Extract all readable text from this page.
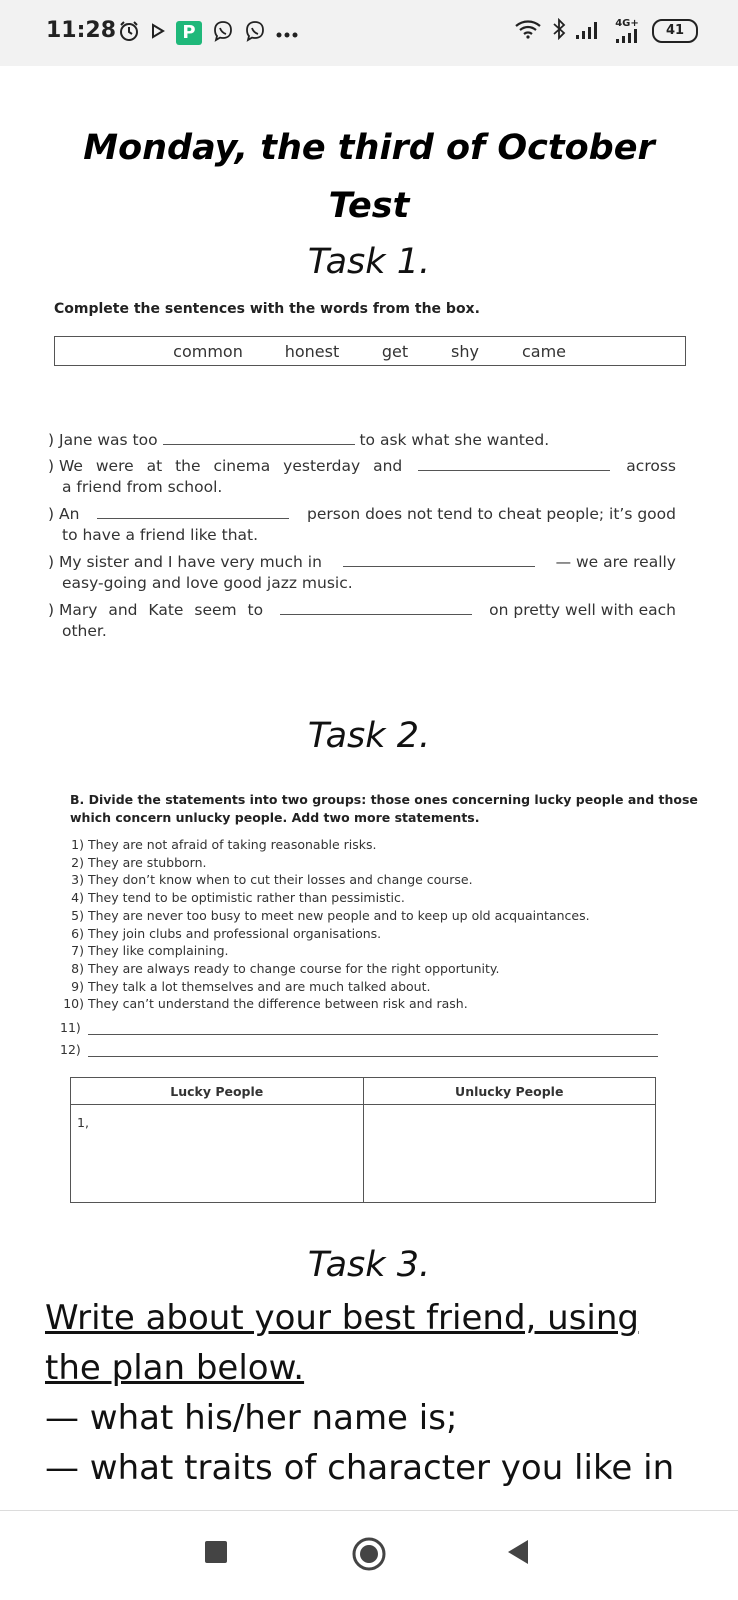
11:28	P	4G+	41
Monday, the third of October
Test
Task 1.
Complete the sentences with the words from the box.
common	honest	get	shy	came
) Jane was too	to ask what she wanted.
) We were at the cinema yesterday and	across
a friend from school.
) An	person does not tend to cheat people; it’s good
to have a friend like that.
) My sister and I have very much in	— we are really
easy-going and love good jazz music.
) Mary and Kate seem to	on pretty well with each
other.
Task 2.
B. Divide the statements into two groups: those ones concerning lucky people and those
which concern unlucky people. Add two more statements.
1) They are not afraid of taking reasonable risks.
2) They are stubborn.
3) They don’t know when to cut their losses and change course.
4) They tend to be optimistic rather than pessimistic.
5) They are never too busy to meet new people and to keep up old acquaintances.
6) They join clubs and professional organisations.
7) They like complaining.
8) They are always ready to change course for the right opportunity.
9) They talk a lot themselves and are much talked about.
10) They can’t understand the difference between risk and rash.
11)
12)
Lucky People	Unlucky People
1,	
Task 3.
Write about your best friend, using
the plan below.
— what his/her name is;
— what traits of character you like in
